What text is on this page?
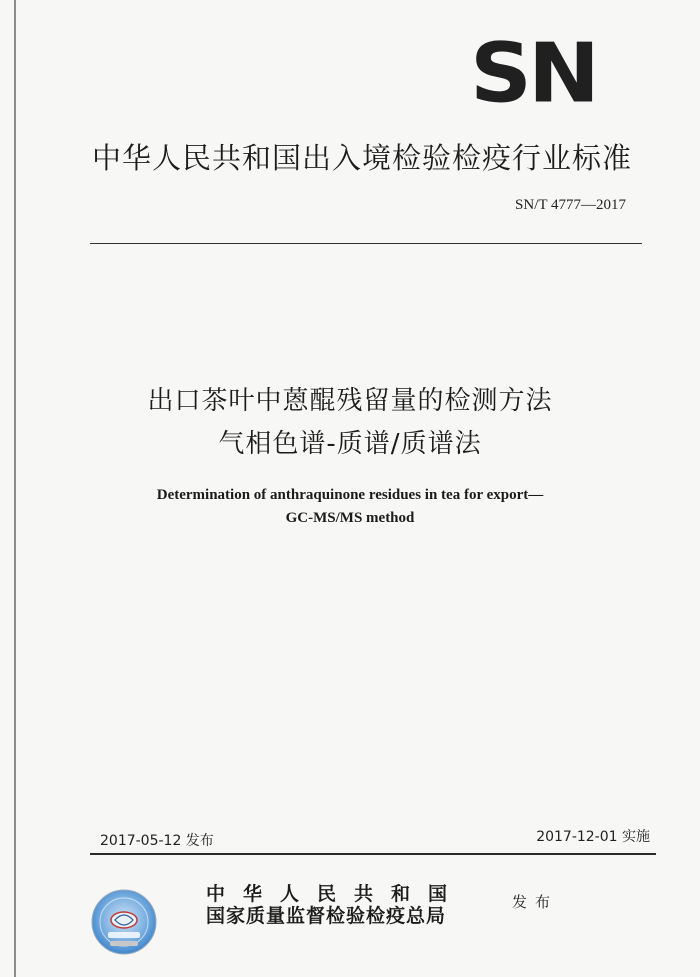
SN
中华人民共和国出入境检验检疫行业标准
SN/T 4777—2017
出口茶叶中蒽醌残留量的检测方法
气相色谱-质谱/质谱法
Determination of anthraquinone residues in tea for export—
GC-MS/MS method
2017-05-12 发布	2017-12-01 实施
中华人民共和国
国家质量监督检验检疫总局
发布
